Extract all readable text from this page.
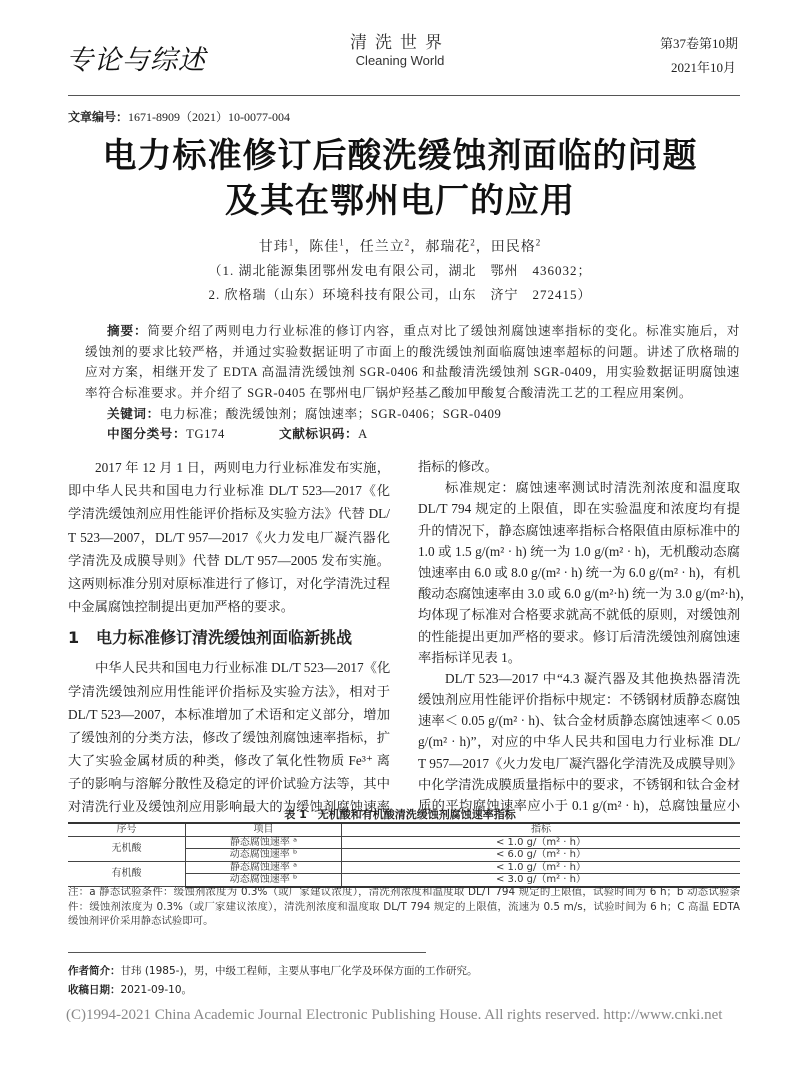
专论与综述
清洗世界
Cleaning World
第37卷第10期
2021年10月
文章编号：1671-8909（2021）10-0077-004
电力标准修订后酸洗缓蚀剂面临的问题
及其在鄂州电厂的应用
甘玮$^1$，陈佳$^1$，任兰立$^2$，郝瑞花$^2$，田民格$^2$
（1. 湖北能源集团鄂州发电有限公司，湖北　鄂州　436032；
2. 欣格瑞（山东）环境科技有限公司，山东　济宁　272415）
摘要：简要介绍了两则电力行业标准的修订内容，重点对比了缓蚀剂腐蚀速率指标的变化。标准实施后，对
缓蚀剂的要求比较严格，并通过实验数据证明了市面上的酸洗缓蚀剂面临腐蚀速率超标的问题。讲述了欣格瑞的
应对方案，相继开发了 EDTA 高温清洗缓蚀剂 SGR-0406 和盐酸清洗缓蚀剂 SGR-0409，用实验数据证明腐蚀速
率符合标准要求。并介绍了 SGR-0405 在鄂州电厂锅炉羟基乙酸加甲酸复合酸清洗工艺的工程应用案例。
关键词：电力标准；酸洗缓蚀剂；腐蚀速率；SGR-0406；SGR-0409
中图分类号：TG174	文献标识码：A
2017 年 12 月 1 日，两则电力行业标准发布实施，
即中华人民共和国电力行业标准 DL/T 523—2017《化
学清洗缓蚀剂应用性能评价指标及实验方法》代替 DL/
T 523—2007，DL/T 957—2017《火力发电厂凝汽器化
学清洗及成膜导则》代替 DL/T 957—2005 发布实施。
这两则标准分别对原标准进行了修订，对化学清洗过程
中金属腐蚀控制提出更加严格的要求。
1 电力标准修订清洗缓蚀剂面临新挑战
中华人民共和国电力行业标准 DL/T 523—2017《化
学清洗缓蚀剂应用性能评价指标及实验方法》，相对于
DL/T 523—2007，本标准增加了术语和定义部分，增加
了缓蚀剂的分类方法，修改了缓蚀剂腐蚀速率指标，扩
大了实验金属材质的种类，修改了氧化性物质 Fe³⁺ 离
子的影响与溶解分散性及稳定的评价试验方法等，其中
对清洗行业及缓蚀剂应用影响最大的为缓蚀剂腐蚀速率
指标的修改。
标准规定：腐蚀速率测试时清洗剂浓度和温度取
DL/T 794 规定的上限值，即在实验温度和浓度均有提
升的情况下，静态腐蚀速率指标合格限值由原标准中的
1.0 或 1.5 g/(m² · h) 统一为 1.0 g/(m² · h)，无机酸动态腐
蚀速率由 6.0 或 8.0 g/(m² · h) 统一为 6.0 g/(m² · h)，有机
酸动态腐蚀速率由 3.0 或 6.0 g/(m²·h) 统一为 3.0 g/(m²·h)，
均体现了标准对合格要求就高不就低的原则，对缓蚀剂
的性能提出更加严格的要求。修订后清洗缓蚀剂腐蚀速
率指标详见表 1。
DL/T 523—2017 中“4.3 凝汽器及其他换热器清洗
缓蚀剂应用性能评价指标中规定：不锈钢材质静态腐蚀
速率＜ 0.05 g/(m² · h)、钛合金材质静态腐蚀速率＜ 0.05
g/(m² · h)”，对应的中华人民共和国电力行业标准 DL/
T 957—2017《火力发电厂凝汽器化学清洗及成膜导则》
中化学清洗成膜质量指标中的要求，不锈钢和钛合金材
质的平均腐蚀速率应小于 0.1 g/(m² · h)，总腐蚀量应小
表 1　无机酸和有机酸清洗缓蚀剂腐蚀速率指标
序号	项目	指标
无机酸	静态腐蚀速率 ᵃ	< 1.0 g/（m² · h）
	动态腐蚀速率 ᵇ	< 6.0 g/（m² · h）
有机酸	静态腐蚀速率 ᵃ	< 1.0 g/（m² · h）
	动态腐蚀速率 ᵇ	< 3.0 g/（m² · h）
注：a 静态试验条件：缓蚀剂浓度为 0.3%（或厂家建议浓度），清洗剂浓度和温度取 DL/T 794 规定的上限值，试验时间为 6 h；b 动态试验条件：缓蚀剂浓度为 0.3%（或厂家建议浓度），清洗剂浓度和温度取 DL/T 794 规定的上限值，流速为 0.5 m/s，试验时间为 6 h；C 高温 EDTA 缓蚀剂评价采用静态试验即可。
作者简介：甘玮 (1985-)，男，中级工程师，主要从事电厂化学及环保方面的工作研究。
收稿日期：2021-09-10。
(C)1994-2021 China Academic Journal Electronic Publishing House. All rights reserved. http://www.cnki.net
